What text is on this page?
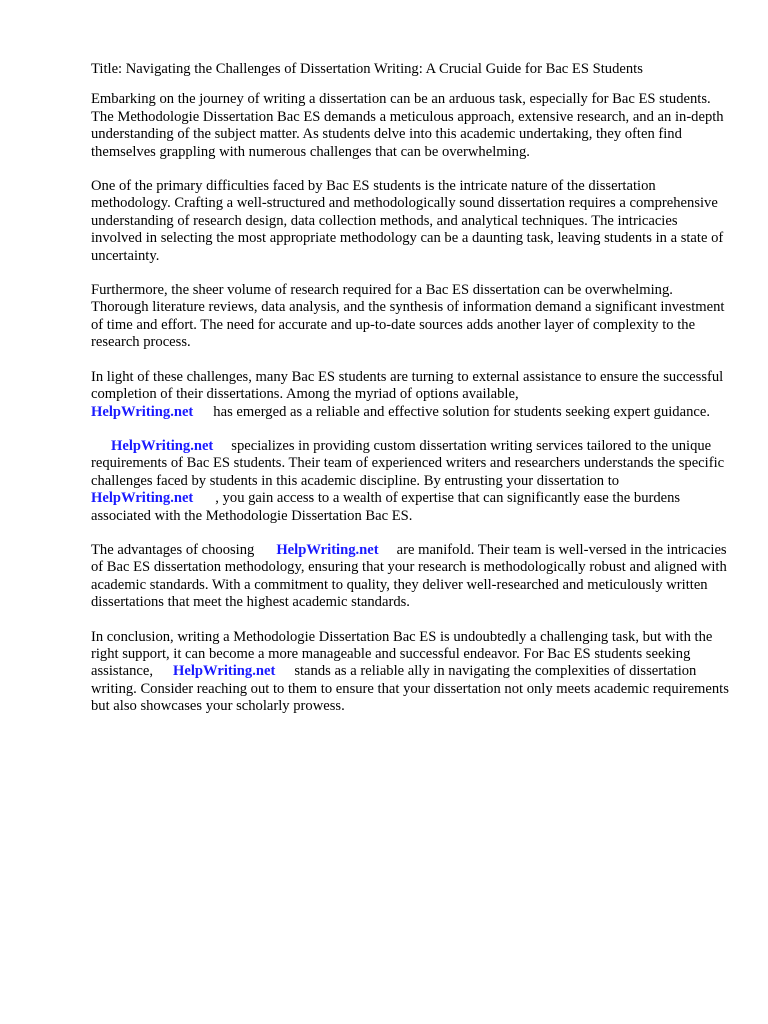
Title: Navigating the Challenges of Dissertation Writing: A Crucial Guide for Bac ES Students

Embarking on the journey of writing a dissertation can be an arduous task, especially for Bac ES students. The Methodologie Dissertation Bac ES demands a meticulous approach, extensive research, and an in-depth understanding of the subject matter. As students delve into this academic undertaking, they often find themselves grappling with numerous challenges that can be overwhelming.

One of the primary difficulties faced by Bac ES students is the intricate nature of the dissertation methodology. Crafting a well-structured and methodologically sound dissertation requires a comprehensive understanding of research design, data collection methods, and analytical techniques. The intricacies involved in selecting the most appropriate methodology can be a daunting task, leaving students in a state of uncertainty.

Furthermore, the sheer volume of research required for a Bac ES dissertation can be overwhelming. Thorough literature reviews, data analysis, and the synthesis of information demand a significant investment of time and effort. The need for accurate and up-to-date sources adds another layer of complexity to the research process.

In light of these challenges, many Bac ES students are turning to external assistance to ensure the successful completion of their dissertations. Among the myriad of options available,
HelpWriting.net has emerged as a reliable and effective solution for students seeking expert guidance.

HelpWriting.net specializes in providing custom dissertation writing services tailored to the unique requirements of Bac ES students. Their team of experienced writers and researchers understands the specific challenges faced by students in this academic discipline. By entrusting your dissertation toHelpWriting.net , you gain access to a wealth of expertise that can significantly ease the burdens associated with the Methodologie Dissertation Bac ES.

The advantages of choosing HelpWriting.net are manifold. Their team is well-versed in the intricacies of Bac ES dissertation methodology, ensuring that your research is methodologically robust and aligned with academic standards. With a commitment to quality, they deliver well-researched and meticulously written dissertations that meet the highest academic standards.

In conclusion, writing a Methodologie Dissertation Bac ES is undoubtedly a challenging task, but with the right support, it can become a more manageable and successful endeavor. For Bac ES students seeking assistance, HelpWriting.net stands as a reliable ally in navigating the complexities of dissertation writing. Consider reaching out to them to ensure that your dissertation not only meets academic requirements but also showcases your scholarly prowess.
